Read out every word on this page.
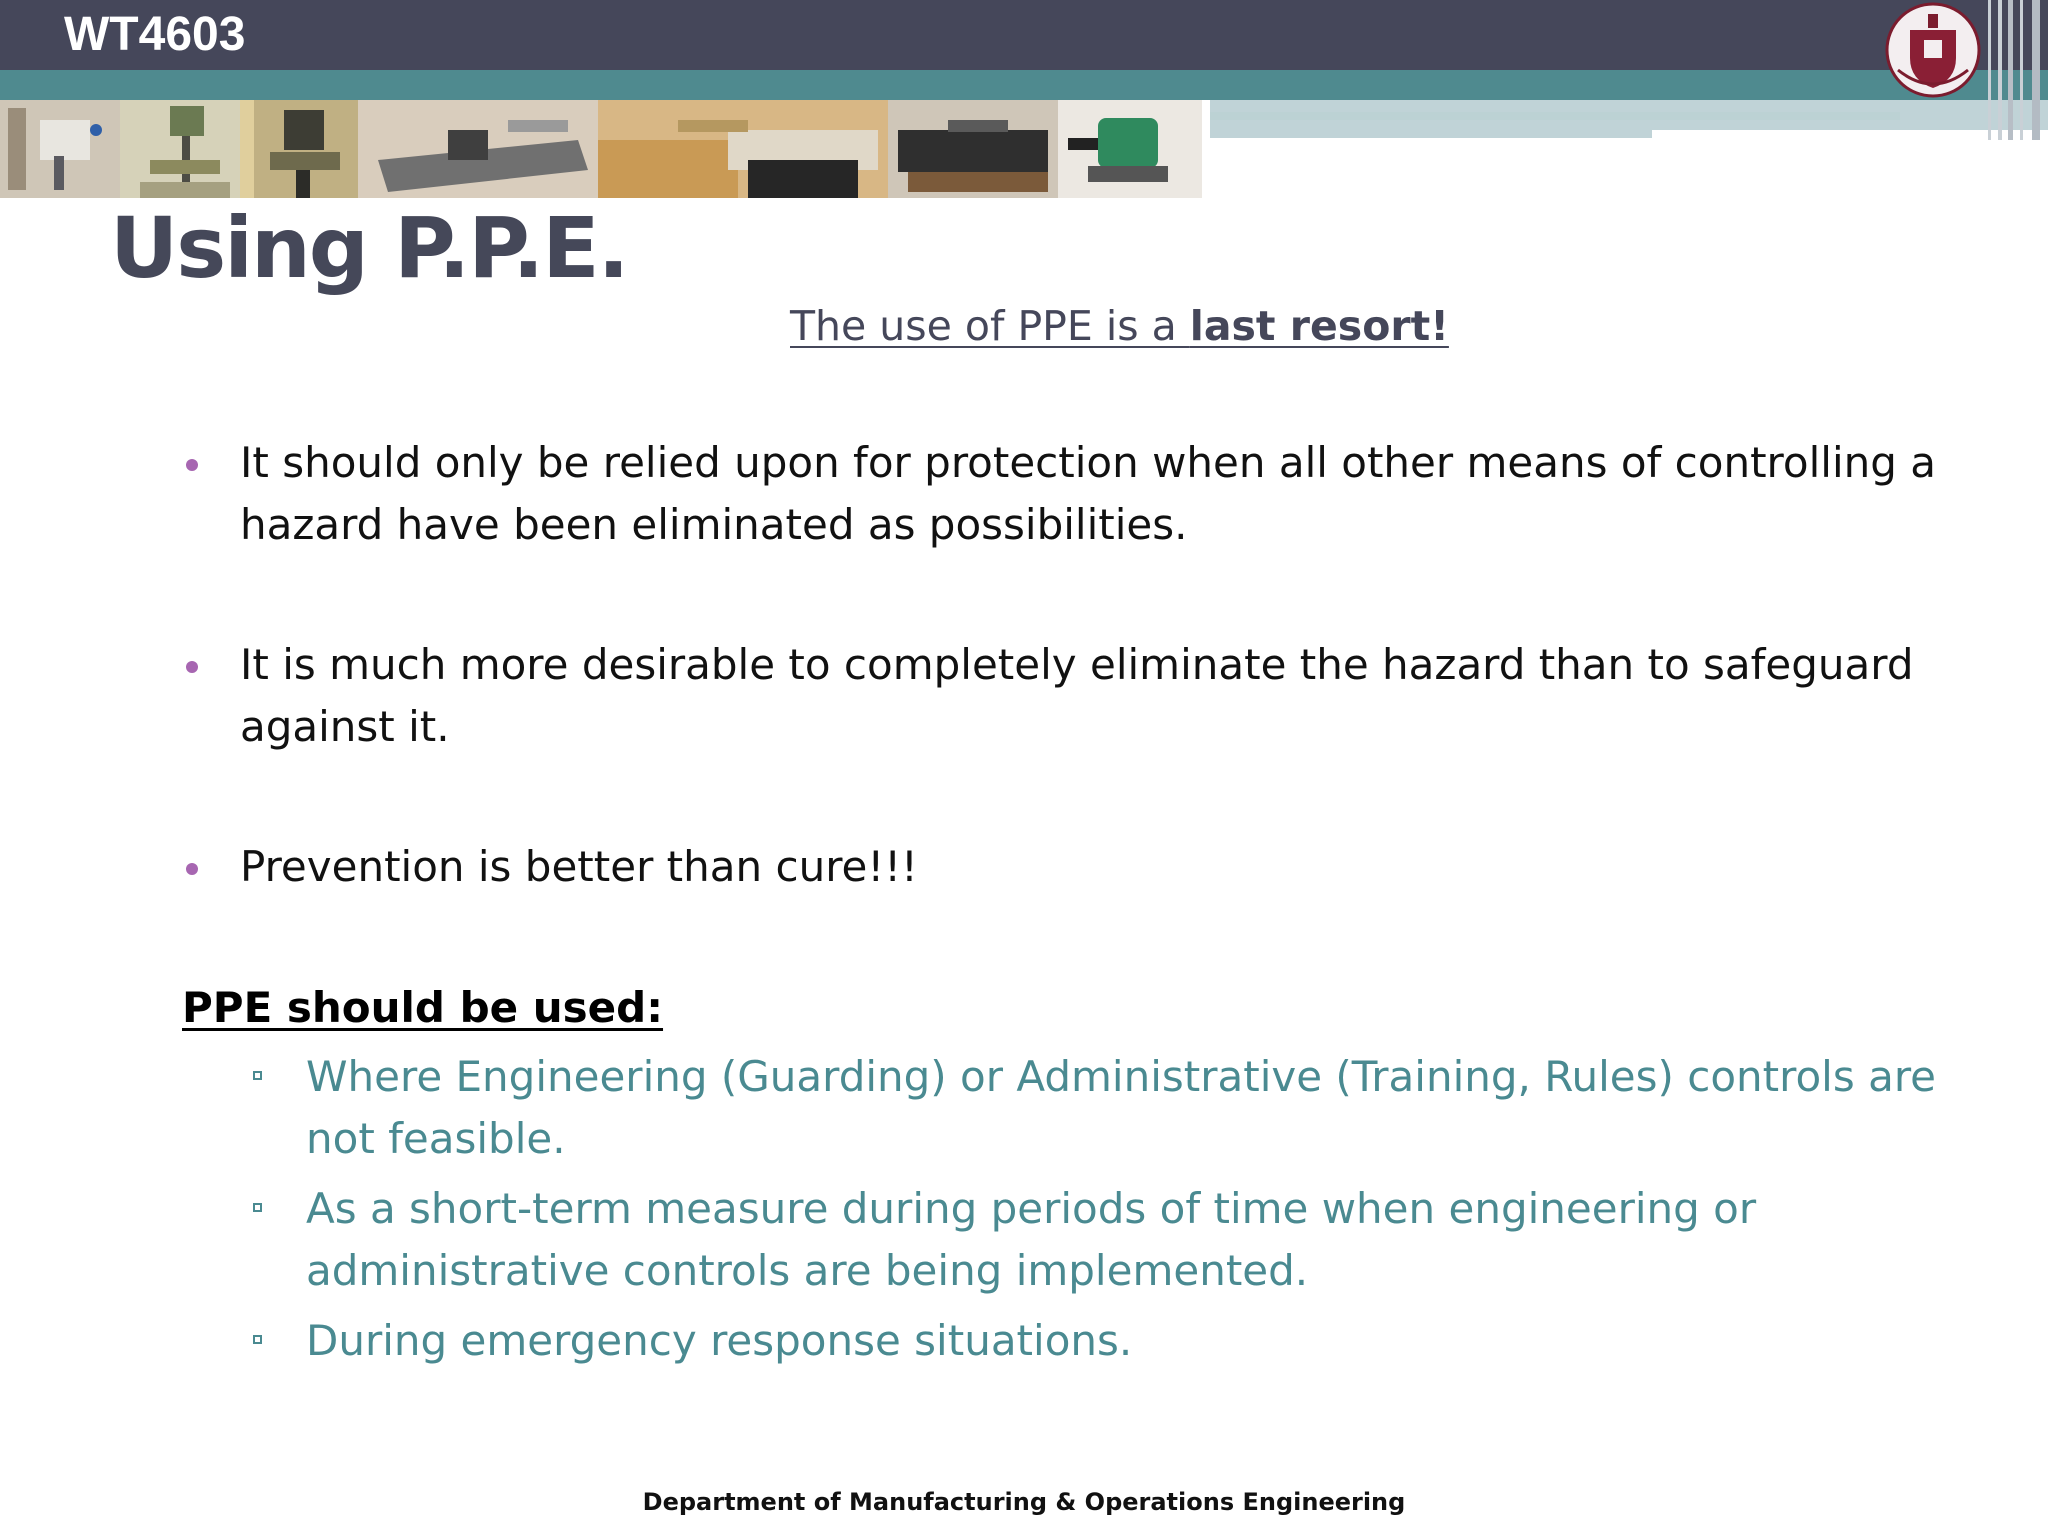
WT4603
Using P.P.E.
The use of PPE is a last resort!
It should only be relied upon for protection when all other means of controlling a hazard have been eliminated as possibilities.
It is much more desirable to completely eliminate the hazard than to safeguard against it.
Prevention is better than cure!!!
PPE should be used:
Where Engineering (Guarding) or Administrative (Training, Rules) controls are not feasible.
As a short-term measure during periods of time when engineering or administrative controls are being implemented.
During emergency response situations.
Department of Manufacturing & Operations Engineering
